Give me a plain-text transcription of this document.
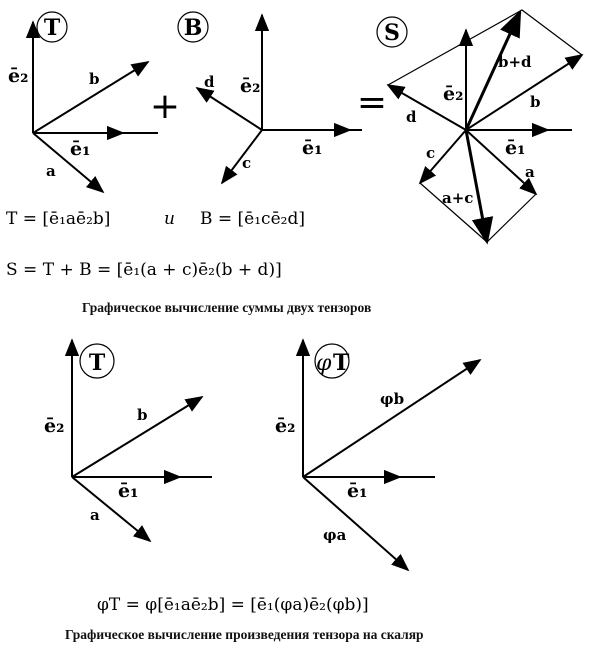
T
ē₂
ē₁
b
a
+
B
ē₂
ē₁
d
c
=
S
ē₂
ē₁
b+d
b
d
c
a
a+c
T = [ē₁aē₂b]	и B = [ē₁cē₂d]
S = T + B = [ē₁(a + c)ē₂(b + d)]
Графическое вычисление суммы двух тензоров
T
ē₂
ē₁
b
a
φ T
ē₂
ē₁
φb
φa
φT = φ[ē₁aē₂b] = [ē₁(φa)ē₂(φb)]
Графическое вычисление произведения тензора на скаляр
